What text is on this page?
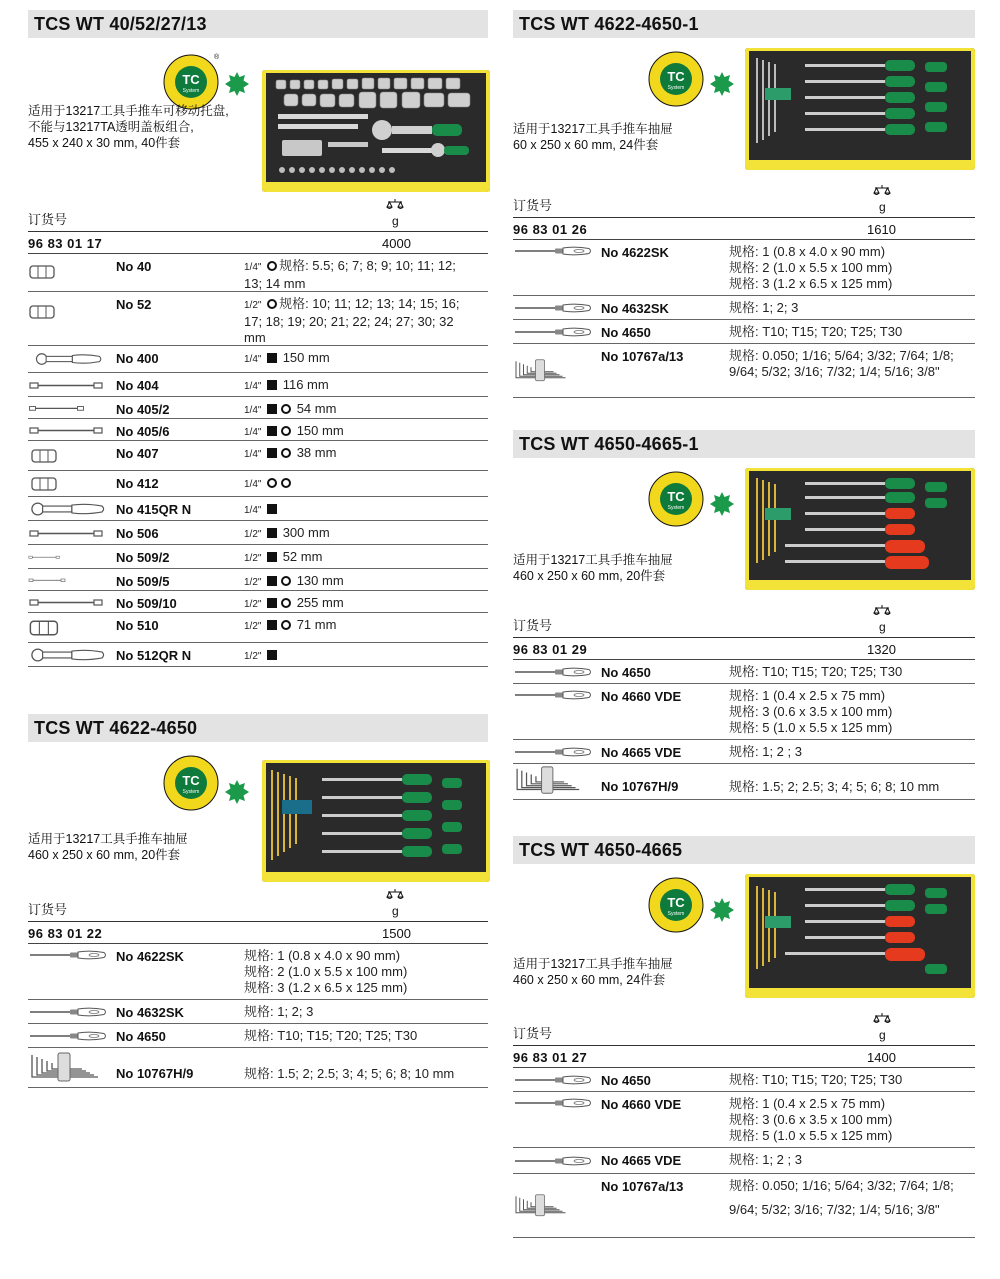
TCS WT 40/52/27/13
TC
System
®
适用于13217工具手推车可移动托盘,
不能与13217TA透明盖板组合,
455 x 240 x 30 mm, 40件套
订货号	g
96 83 01 17	4000
No 40	1/4" 规格: 5.5; 6; 7; 8; 9; 10; 11; 12;
13; 14 mm
No 52	1/2" 规格: 10; 11; 12; 13; 14; 15; 16;
17; 18; 19; 20; 21; 22; 24; 27; 30; 32
mm
No 400	1/4" 150 mm
No 404	1/4" 116 mm
No 405/2	1/4"	54 mm
No 405/6	1/4"	150 mm
No 407	1/4"	38 mm
No 412	1/4"
No 415QR N	1/4"
No 506	1/2" 300 mm
No 509/2	1/2" 52 mm
No 509/5	1/2"	130 mm
No 509/10	1/2"	255 mm
No 510	1/2"	71 mm
No 512QR N	1/2"
TCS WT 4622-4650
TC
System
适用于13217工具手推车抽屉
460 x 250 x 60 mm, 20件套
订货号	g
96 83 01 22	1500
No 4622SK	规格: 1 (0.8 x 4.0 x 90 mm)
规格: 2 (1.0 x 5.5 x 100 mm)
规格: 3 (1.2 x 6.5 x 125 mm)
No 4632SK	规格: 1; 2; 3
No 4650	规格: T10; T15; T20; T25; T30
No 10767H/9	规格: 1.5; 2; 2.5; 3; 4; 5; 6; 8; 10 mm
TCS WT 4622-4650-1
TC
System
适用于13217工具手推车抽屉
60 x 250 x 60 mm, 24件套
订货号	g
96 83 01 26	1610
No 4622SK	规格: 1 (0.8 x 4.0 x 90 mm)
规格: 2 (1.0 x 5.5 x 100 mm)
规格: 3 (1.2 x 6.5 x 125 mm)
No 4632SK	规格: 1; 2; 3
No 4650	规格: T10; T15; T20; T25; T30
No 10767a/13	规格: 0.050; 1/16; 5/64; 3/32; 7/64; 1/8;
9/64; 5/32; 3/16; 7/32; 1/4; 5/16; 3/8"
TCS WT 4650-4665-1
TC
System
适用于13217工具手推车抽屉
460 x 250 x 60 mm, 20件套
订货号	g
96 83 01 29	1320
No 4650	规格: T10; T15; T20; T25; T30
No 4660 VDE	规格: 1 (0.4 x 2.5 x 75 mm)
规格: 3 (0.6 x 3.5 x 100 mm)
规格: 5 (1.0 x 5.5 x 125 mm)
No 4665 VDE	规格: 1; 2 ; 3
No 10767H/9	规格: 1.5; 2; 2.5; 3; 4; 5; 6; 8; 10 mm
TCS WT 4650-4665
TC
System
适用于13217工具手推车抽屉
460 x 250 x 60 mm, 24件套
订货号	g
96 83 01 27	1400
No 4650	规格: T10; T15; T20; T25; T30
No 4660 VDE	规格: 1 (0.4 x 2.5 x 75 mm)
规格: 3 (0.6 x 3.5 x 100 mm)
规格: 5 (1.0 x 5.5 x 125 mm)
No 4665 VDE	规格: 1; 2 ; 3
No 10767a/13	规格: 0.050; 1/16; 5/64; 3/32; 7/64; 1/8;
9/64; 5/32; 3/16; 7/32; 1/4; 5/16; 3/8"
